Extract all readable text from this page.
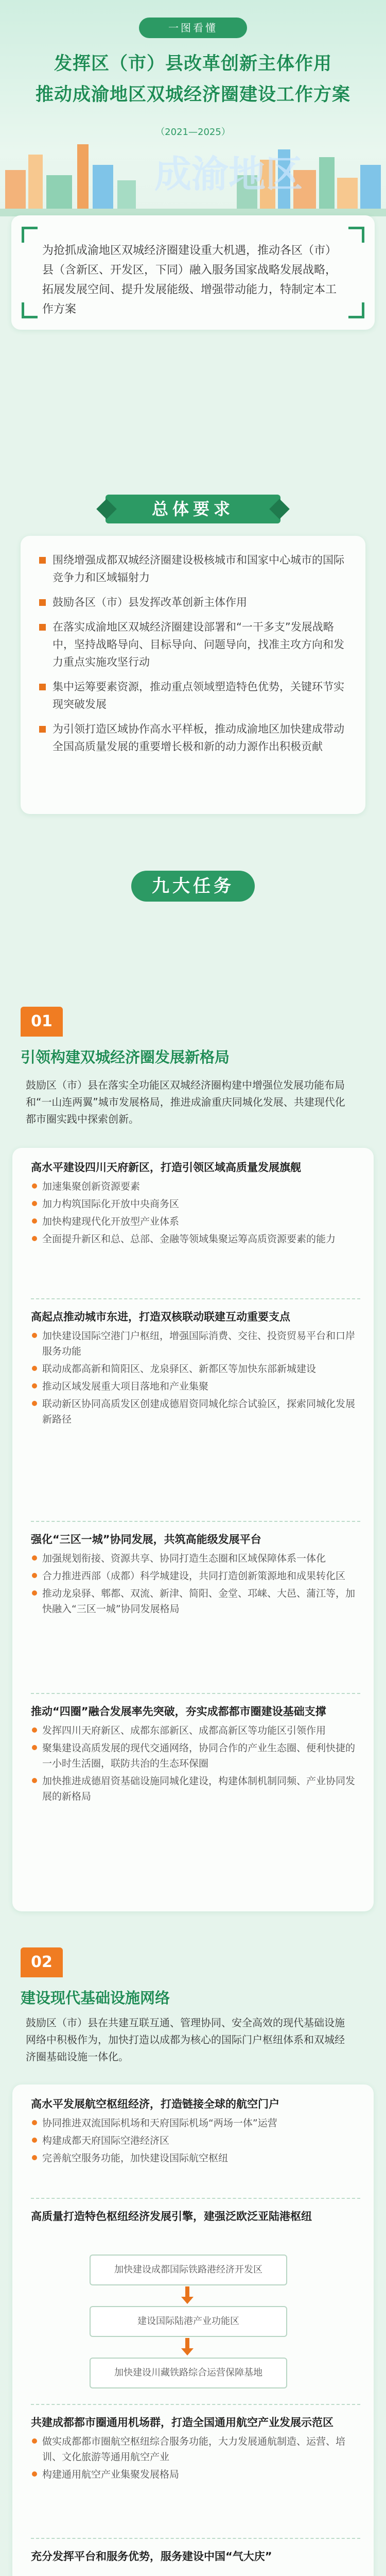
一图看懂
发挥区（市）县改革创新主体作用
推动成渝地区双城经济圈建设工作方案
（2021—2025）
成渝地区
为抢抓成渝地区双城经济圈建设重大机遇，推动各区（市）县（含新区、开发区，下同）融入服务国家战略发展战略，拓展发展空间、提升发展能级、增强带动能力，特制定本工作方案
总体要求
围绕增强成都双城经济圈建设极核城市和国家中心城市的国际竞争力和区域辐射力
鼓励各区（市）县发挥改革创新主体作用
在落实成渝地区双城经济圈建设部署和“一干多支”发展战略中，坚持战略导向、目标导向、问题导向，找准主攻方向和发力重点实施攻坚行动
集中运筹要素资源，推动重点领域塑造特色优势，关键环节实现突破发展
为引领打造区域协作高水平样板，推动成渝地区加快建成带动全国高质量发展的重要增长极和新的动力源作出积极贡献
九大任务
01
引领构建双城经济圈发展新格局
鼓励区（市）县在落实全功能区双城经济圈构建中增强位发展功能布局和“一山连两翼”城市发展格局，推进成渝重庆同城化发展、共建现代化都市圈实践中探索创新。
高水平建设四川天府新区，打造引领区域高质量发展旗舰
加速集聚创新资源要素
加力构筑国际化开放中央商务区
加快构建现代化开放型产业体系
全面提升新区和总、总部、金融等领域集聚运筹高质资源要素的能力
高起点推动城市东进，打造双核联动联建互动重要支点
加快建设国际空港门户枢纽，增强国际消费、交往、投资贸易平台和口岸服务功能
联动成都高新和简阳区、龙泉驿区、新都区等加快东部新城建设
推动区域发展重大项目落地和产业集聚
联动新区协同高质发区创建成德眉资同城化综合试验区，探索同城化发展新路径
强化“三区一城”协同发展，共筑高能级发展平台
加强规划衔接、资源共享、协同打造生态圈和区域保障体系一体化
合力推进西部（成都）科学城建设，共同打造创新策源地和成果转化区
推动龙泉驿、郫都、双流、新津、简阳、金堂、邛崃、大邑、蒲江等，加快融入“三区一城”协同发展格局
推动“四圈”融合发展率先突破，夯实成都都市圈建设基础支撑
发挥四川天府新区、成都东部新区、成都高新区等功能区引领作用
聚集建设高质发展的现代交通网络，协同合作的产业生态圈、便利快捷的一小时生活圈，联防共治的生态环保圈
加快推进成德眉资基础设施同城化建设，构建体制机制同频、产业协同发展的新格局
02
建设现代基础设施网络
鼓励区（市）县在共建互联互通、管理协同、安全高效的现代基础设施网络中积极作为，加快打造以成都为核心的国际门户枢纽体系和双城经济圈基础设施一体化。
高水平发展航空枢纽经济，打造链接全球的航空门户
协同推进双流国际机场和天府国际机场“两场一体”运营
构建成都天府国际空港经济区
完善航空服务功能，加快建设国际航空枢纽
高质量打造特色枢纽经济发展引擎，建强泛欧泛亚陆港枢纽
加快建设成都国际铁路港经济开发区
建设国际陆港产业功能区
加快建设川藏铁路综合运营保障基地
共建成都都市圈通用机场群，打造全国通用航空产业发展示范区
做实成都都市圈航空枢纽综合服务功能，大力发展通航制造、运营、培训、文化旅游等通用航空产业
构建通用航空产业集聚发展格局
充分发挥平台和服务优势，服务建设中国“气大庆”
